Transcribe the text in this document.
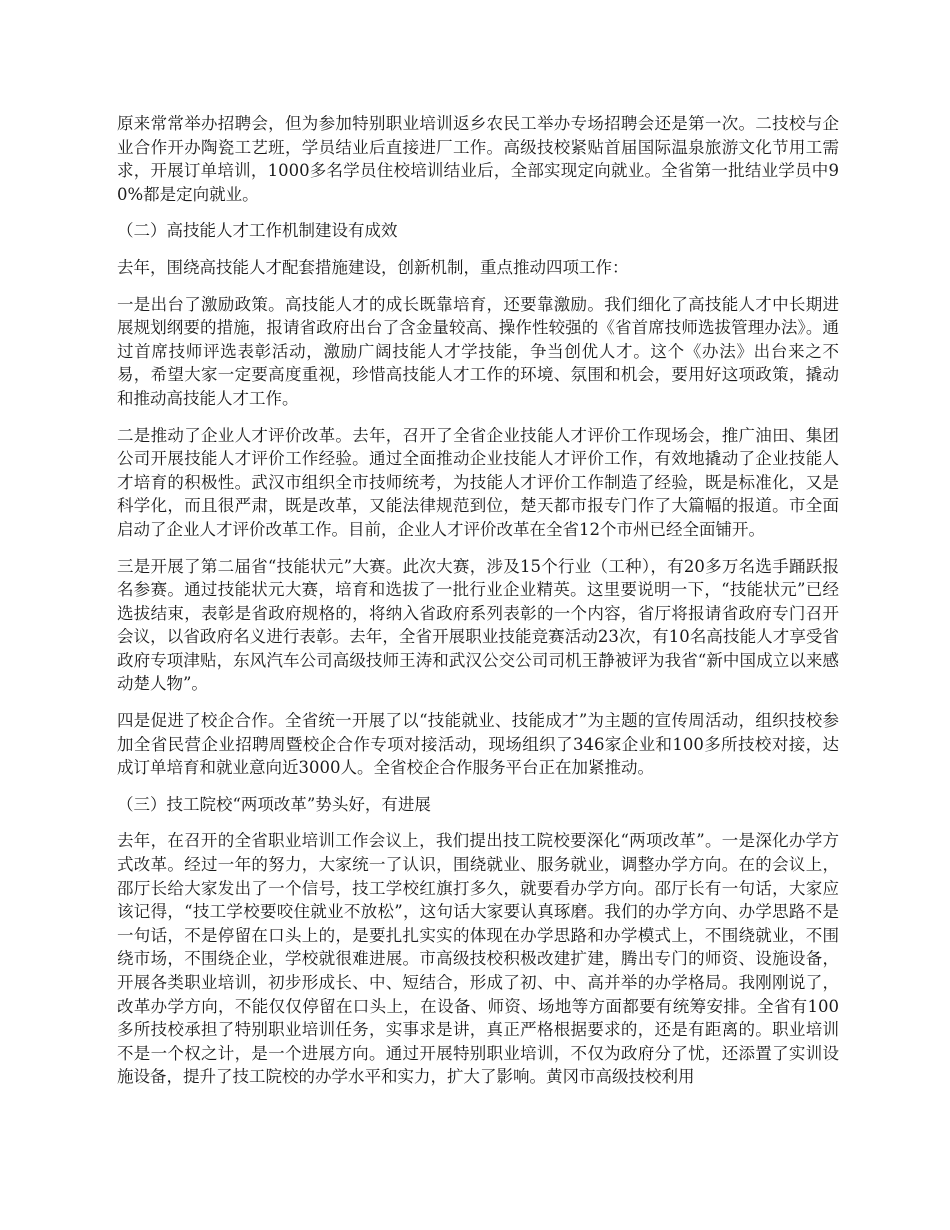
原来常常举办招聘会，但为参加特别职业培训返乡农民工举办专场招聘会还是第一次。二技校与企业合作开办陶瓷工艺班，学员结业后直接进厂工作。高级技校紧贴首届国际温泉旅游文化节用工需求，开展订单培训，1000多名学员住校培训结业后，全部实现定向就业。全省第一批结业学员中90%都是定向就业。

（二）高技能人才工作机制建设有成效

去年，围绕高技能人才配套措施建设，创新机制，重点推动四项工作：

一是出台了激励政策。高技能人才的成长既靠培育，还要靠激励。我们细化了高技能人才中长期进展规划纲要的措施，报请省政府出台了含金量较高、操作性较强的《省首席技师选拔管理办法》。通过首席技师评选表彰活动，激励广阔技能人才学技能，争当创优人才。这个《办法》出台来之不易，希望大家一定要高度重视，珍惜高技能人才工作的环境、氛围和机会，要用好这项政策，撬动和推动高技能人才工作。

二是推动了企业人才评价改革。去年，召开了全省企业技能人才评价工作现场会，推广油田、集团公司开展技能人才评价工作经验。通过全面推动企业技能人才评价工作，有效地撬动了企业技能人才培育的积极性。武汉市组织全市技师统考，为技能人才评价工作制造了经验，既是标准化，又是科学化，而且很严肃，既是改革，又能法律规范到位，楚天都市报专门作了大篇幅的报道。市全面启动了企业人才评价改革工作。目前，企业人才评价改革在全省12个市州已经全面铺开。

三是开展了第二届省“技能状元”大赛。此次大赛，涉及15个行业（工种），有20多万名选手踊跃报名参赛。通过技能状元大赛，培育和选拔了一批行业企业精英。这里要说明一下，“技能状元”已经选拔结束，表彰是省政府规格的，将纳入省政府系列表彰的一个内容，省厅将报请省政府专门召开会议，以省政府名义进行表彰。去年，全省开展职业技能竞赛活动23次，有10名高技能人才享受省政府专项津贴，东风汽车公司高级技师王涛和武汉公交公司司机王静被评为我省“新中国成立以来感动楚人物”。

四是促进了校企合作。全省统一开展了以“技能就业、技能成才”为主题的宣传周活动，组织技校参加全省民营企业招聘周暨校企合作专项对接活动，现场组织了346家企业和100多所技校对接，达成订单培育和就业意向近3000人。全省校企合作服务平台正在加紧推动。

（三）技工院校“两项改革”势头好，有进展

去年，在召开的全省职业培训工作会议上，我们提出技工院校要深化“两项改革”。一是深化办学方式改革。经过一年的努力，大家统一了认识，围绕就业、服务就业，调整办学方向。在的会议上，邵厅长给大家发出了一个信号，技工学校红旗打多久，就要看办学方向。邵厅长有一句话，大家应该记得，“技工学校要咬住就业不放松”，这句话大家要认真琢磨。我们的办学方向、办学思路不是一句话，不是停留在口头上的，是要扎扎实实的体现在办学思路和办学模式上，不围绕就业，不围绕市场，不围绕企业，学校就很难进展。市高级技校积极改建扩建，腾出专门的师资、设施设备，开展各类职业培训，初步形成长、中、短结合，形成了初、中、高并举的办学格局。我刚刚说了，改革办学方向，不能仅仅停留在口头上，在设备、师资、场地等方面都要有统筹安排。全省有100多所技校承担了特别职业培训任务，实事求是讲，真正严格根据要求的，还是有距离的。职业培训不是一个权之计，是一个进展方向。通过开展特别职业培训，不仅为政府分了忧，还添置了实训设施设备，提升了技工院校的办学水平和实力，扩大了影响。黄冈市高级技校利用
